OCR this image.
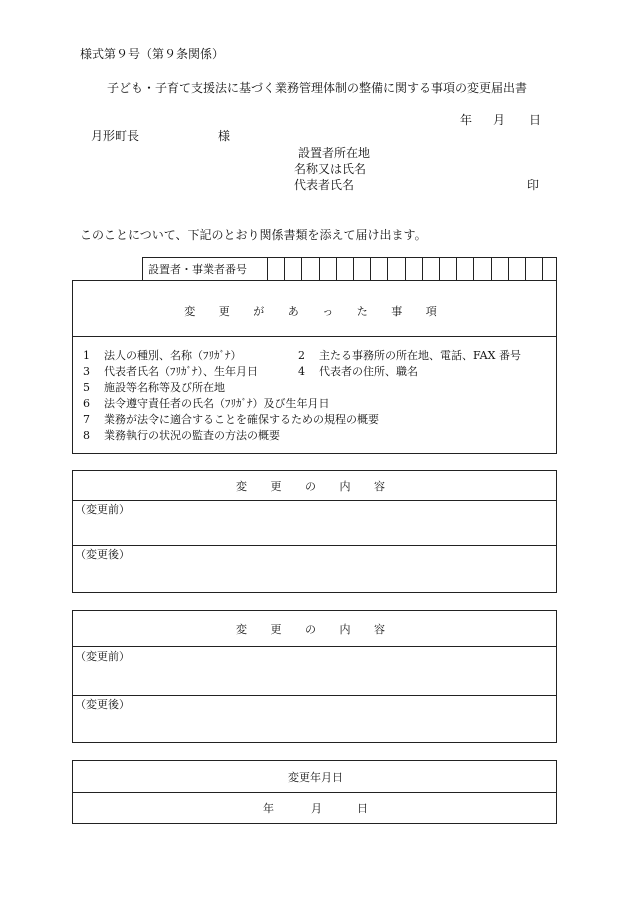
様式第９号（第９条関係）
子ども・子育て支援法に基づく業務管理体制の整備に関する事項の変更届出書
年 月 日
月形町長	様
設置者所在地
名称又は氏名
代表者氏名	印
このことについて、下記のとおり関係書類を添えて届け出ます。
設置者・事業者番号
変 更 が あ っ た 事 項
1 法人の種別、名称（ﾌﾘｶﾞﾅ）	2 主たる事務所の所在地、電話、FAX 番号
3 代表者氏名（ﾌﾘｶﾞﾅ）、生年月日	4 代表者の住所、職名
5 施設等名称等及び所在地
6 法令遵守責任者の氏名（ﾌﾘｶﾞﾅ）及び生年月日
7 業務が法令に適合することを確保するための規程の概要
8 業務執行の状況の監査の方法の概要
変 更 の 内 容
（変更前）
（変更後）
変 更 の 内 容
（変更前）
（変更後）
変更年月日
年	月	日
